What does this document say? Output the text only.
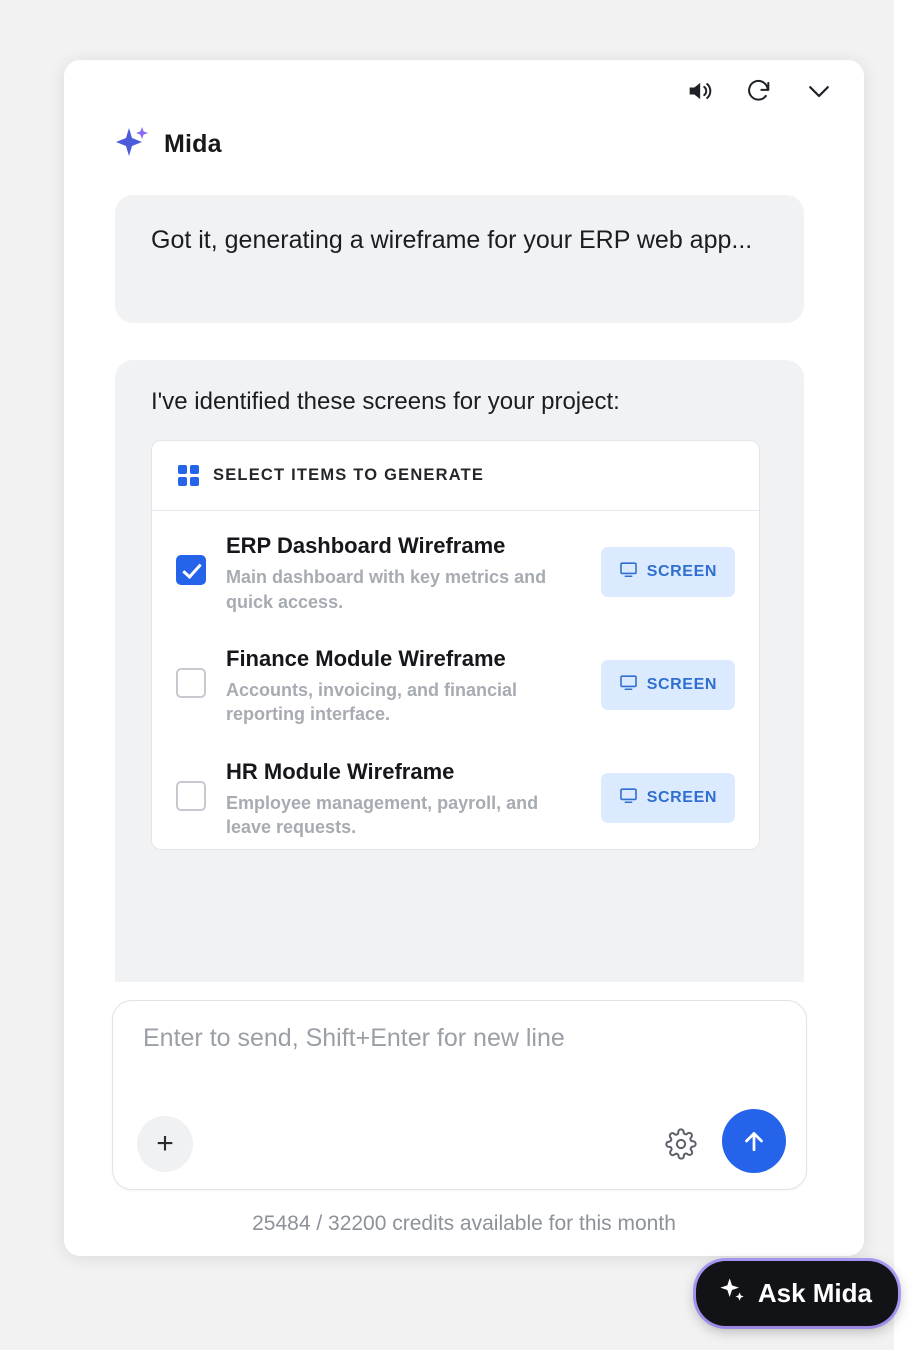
Mida

Got it, generating a wireframe for your ERP web app...

I've identified these screens for your project:

SELECT ITEMS TO GENERATE

ERP Dashboard Wireframe

Main dashboard with key metrics and quick access.

SCREEN

Finance Module Wireframe

Accounts, invoicing, and financial reporting interface.

SCREEN

HR Module Wireframe

Employee management, payroll, and leave requests.

SCREEN
Enter to send, Shift+Enter for new line
+
25484 / 32200 credits available for this month
Ask Mida
